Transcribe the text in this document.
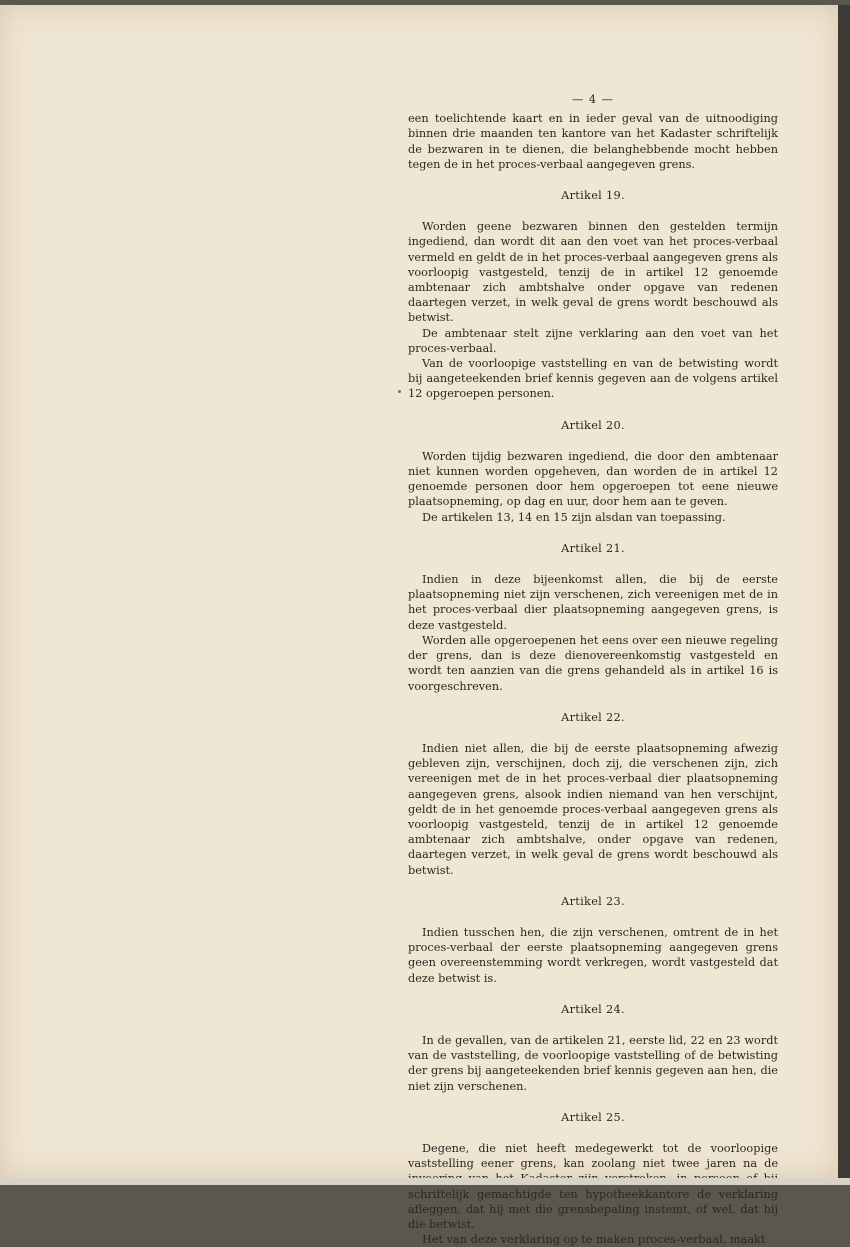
— 4 —

een toelichtende kaart en in ieder geval van de uitnoodiging binnen drie maanden ten kantore van het Kadaster schriftelijk de bezwaren in te dienen, die belanghebbende mocht hebben tegen de in het proces-verbaal aangegeven grens.

Artikel 19.

Worden geene bezwaren binnen den gestelden termijn ingediend, dan wordt dit aan den voet van het proces-verbaal vermeld en geldt de in het proces-verbaal aangegeven grens als voorloopig vastgesteld, tenzij de in artikel 12 genoemde ambtenaar zich ambtshalve onder opgave van redenen daartegen verzet, in welk geval de grens wordt beschouwd als betwist.

De ambtenaar stelt zijne verklaring aan den voet van het proces-verbaal.

Van de voorloopige vaststelling en van de betwisting wordt bij aangeteekenden brief kennis gegeven aan de volgens artikel 12 opgeroepen personen.

Artikel 20.

Worden tijdig bezwaren ingediend, die door den ambtenaar niet kunnen worden opgeheven, dan worden de in artikel 12 genoemde personen door hem opgeroepen tot eene nieuwe plaatsopneming, op dag en uur, door hem aan te geven.

De artikelen 13, 14 en 15 zijn alsdan van toepassing.

Artikel 21.

Indien in deze bijeenkomst allen, die bij de eerste plaatsopneming niet zijn verschenen, zich vereenigen met de in het proces-verbaal dier plaatsopneming aangegeven grens, is deze vastgesteld.

Worden alle opgeroepenen het eens over een nieuwe regeling der grens, dan is deze dienovereenkomstig vastgesteld en wordt ten aanzien van die grens gehandeld als in artikel 16 is voorgeschreven.

Artikel 22.

Indien niet allen, die bij de eerste plaatsopneming afwezig gebleven zijn, verschijnen, doch zij, die verschenen zijn, zich vereenigen met de in het proces-verbaal dier plaatsopneming aangegeven grens, alsook indien niemand van hen verschijnt, geldt de in het genoemde proces-verbaal aangegeven grens als voorloopig vastgesteld, tenzij de in artikel 12 genoemde ambtenaar zich ambtshalve, onder opgave van redenen, daartegen verzet, in welk geval de grens wordt beschouwd als betwist.

Artikel 23.

Indien tusschen hen, die zijn verschenen, omtrent de in het proces-verbaal der eerste plaatsopneming aangegeven grens geen overeenstemming wordt verkregen, wordt vastgesteld dat deze betwist is.

Artikel 24.

In de gevallen, van de artikelen 21, eerste lid, 22 en 23 wordt van de vaststelling, de voorloopige vaststelling of de betwisting der grens bij aangeteekenden brief kennis gegeven aan hen, die niet zijn verschenen.

Artikel 25.

Degene, die niet heeft medegewerkt tot de voorloopige vaststelling eener grens, kan zoolang niet twee jaren na de schriftelijk gemachtigde ten hypotheekkantore de verklaring afleggen, dat hij met die grensbepaling instemt, of wel, dat hij die betwist.

Het van deze verklaring op te maken proces-verbaal, maakt
